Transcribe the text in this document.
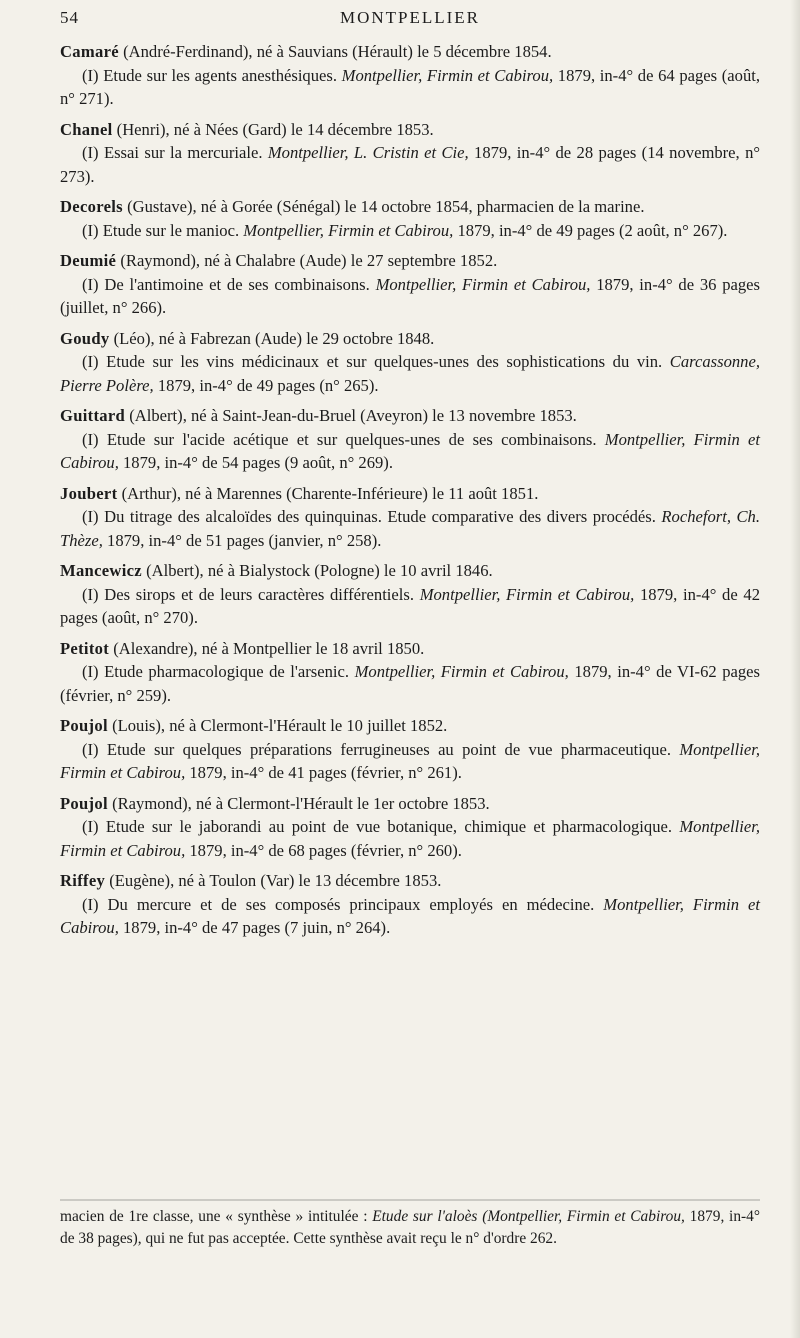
54	MONTPELLIER

Camaré (André-Ferdinand), né à Sauvians (Hérault) le 5 décembre 1854.

(I) Etude sur les agents anesthésiques. Montpellier, Firmin et Cabirou, 1879, in-4° de 64 pages (août, n° 271).

Chanel (Henri), né à Nées (Gard) le 14 décembre 1853.

(I) Essai sur la mercuriale. Montpellier, L. Cristin et Cie, 1879, in-4° de 28 pages (14 novembre, n° 273).

Decorels (Gustave), né à Gorée (Sénégal) le 14 octobre 1854, pharmacien de la marine.

(I) Etude sur le manioc. Montpellier, Firmin et Cabirou, 1879, in-4° de 49 pages (2 août, n° 267).

Deumié (Raymond), né à Chalabre (Aude) le 27 septembre 1852.

(I) De l'antimoine et de ses combinaisons. Montpellier, Firmin et Cabirou, 1879, in-4° de 36 pages (juillet, n° 266).

Goudy (Léo), né à Fabrezan (Aude) le 29 octobre 1848.

(I) Etude sur les vins médicinaux et sur quelques-unes des sophistications du vin. Carcassonne, Pierre Polère, 1879, in-4° de 49 pages (n° 265).

Guittard (Albert), né à Saint-Jean-du-Bruel (Aveyron) le 13 novembre 1853.

(I) Etude sur l'acide acétique et sur quelques-unes de ses combinaisons. Montpellier, Firmin et Cabirou, 1879, in-4° de 54 pages (9 août, n° 269).

Joubert (Arthur), né à Marennes (Charente-Inférieure) le 11 août 1851.

(I) Du titrage des alcaloïdes des quinquinas. Etude comparative des divers procédés. Rochefort, Ch. Thèze, 1879, in-4° de 51 pages (janvier, n° 258).

Mancewicz (Albert), né à Bialystock (Pologne) le 10 avril 1846.

(I) Des sirops et de leurs caractères différentiels. Montpellier, Firmin et Cabirou, 1879, in-4° de 42 pages (août, n° 270).

Petitot (Alexandre), né à Montpellier le 18 avril 1850.

(I) Etude pharmacologique de l'arsenic. Montpellier, Firmin et Cabirou, 1879, in-4° de VI-62 pages (février, n° 259).

Poujol (Louis), né à Clermont-l'Hérault le 10 juillet 1852.

(I) Etude sur quelques préparations ferrugineuses au point de vue pharmaceutique. Montpellier, Firmin et Cabirou, 1879, in-4° de 41 pages (février, n° 261).

Poujol (Raymond), né à Clermont-l'Hérault le 1er octobre 1853.

(I) Etude sur le jaborandi au point de vue botanique, chimique et pharmacologique. Montpellier, Firmin et Cabirou, 1879, in-4° de 68 pages (février, n° 260).

Riffey (Eugène), né à Toulon (Var) le 13 décembre 1853.

(I) Du mercure et de ses composés principaux employés en médecine. Montpellier, Firmin et Cabirou, 1879, in-4° de 47 pages (7 juin, n° 264).

macien de 1re classe, une « synthèse » intitulée : Etude sur l'aloès (Montpellier, Firmin et Cabirou, 1879, in-4° de 38 pages), qui ne fut pas acceptée. Cette synthèse avait reçu le n° d'ordre 262.
